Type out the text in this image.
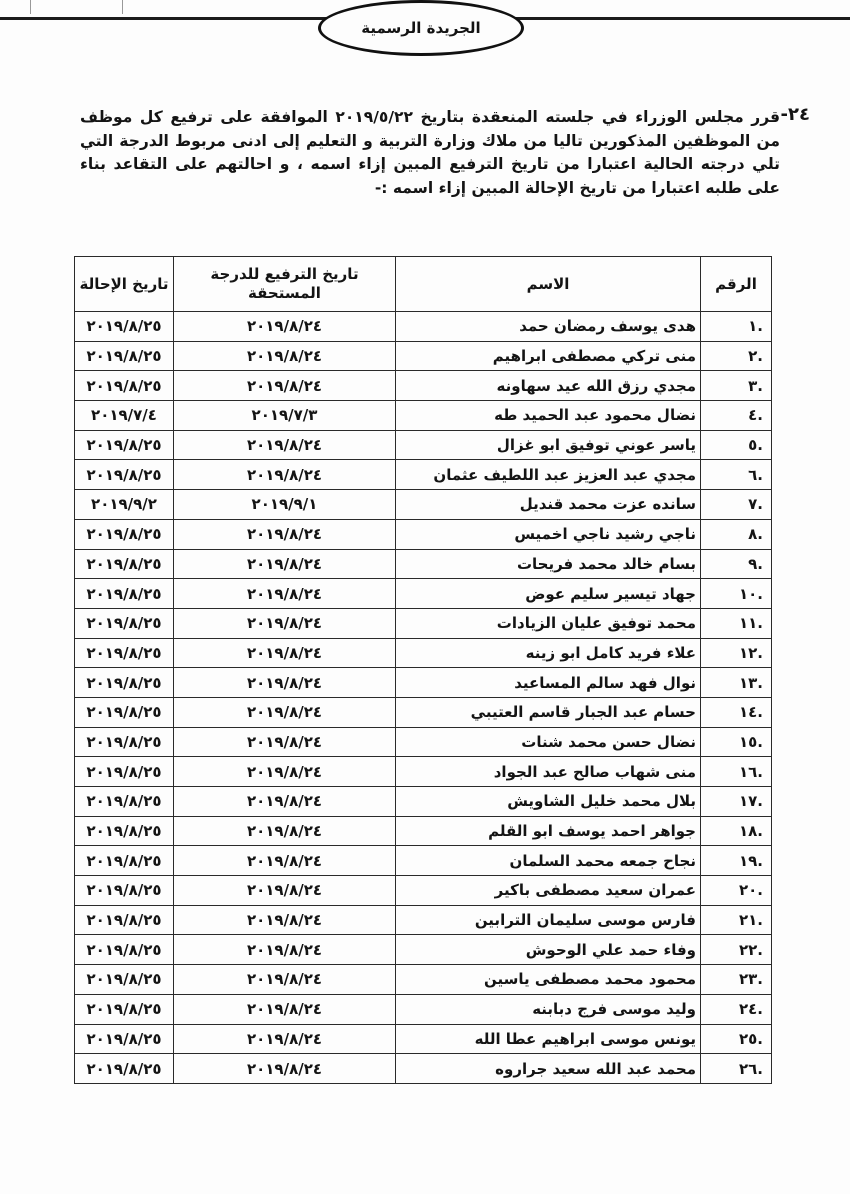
الجريدة الرسمية
٢٤-

قرر مجلس الوزراء في جلسته المنعقدة بتاريخ ٢٠١٩/٥/٢٢ الموافقة على ترفيع كل موظف من الموظفين المذكورين تاليا من ملاك وزارة التربية و التعليم إلى ادنى مربوط الدرجة التي تلي درجته الحالية اعتبارا من تاريخ الترفيع المبين إزاء اسمه ، و احالتهم على التقاعد بناء على طلبه اعتبارا من تاريخ الإحالة المبين إزاء اسمه :-

الرقم	الاسم	تاريخ الترفيع للدرجة المستحقة	تاريخ الإحالة
.١	هدى يوسف رمضان حمد	٢٠١٩/٨/٢٤	٢٠١٩/٨/٢٥
.٢	منى تركي مصطفى ابراهيم	٢٠١٩/٨/٢٤	٢٠١٩/٨/٢٥
.٣	مجدي رزق الله عيد سهاونه	٢٠١٩/٨/٢٤	٢٠١٩/٨/٢٥
.٤	نضال محمود عبد الحميد طه	٢٠١٩/٧/٣	٢٠١٩/٧/٤
.٥	ياسر عوني توفيق ابو غزال	٢٠١٩/٨/٢٤	٢٠١٩/٨/٢٥
.٦	مجدي عبد العزيز عبد اللطيف عثمان	٢٠١٩/٨/٢٤	٢٠١٩/٨/٢٥
.٧	سانده عزت محمد قنديل	٢٠١٩/٩/١	٢٠١٩/٩/٢
.٨	ناجي رشيد ناجي اخميس	٢٠١٩/٨/٢٤	٢٠١٩/٨/٢٥
.٩	بسام خالد محمد فريحات	٢٠١٩/٨/٢٤	٢٠١٩/٨/٢٥
.١٠	جهاد تيسير سليم عوض	٢٠١٩/٨/٢٤	٢٠١٩/٨/٢٥
.١١	محمد توفيق عليان الزيادات	٢٠١٩/٨/٢٤	٢٠١٩/٨/٢٥
.١٢	علاء فريد كامل ابو زينه	٢٠١٩/٨/٢٤	٢٠١٩/٨/٢٥
.١٣	نوال فهد سالم المساعيد	٢٠١٩/٨/٢٤	٢٠١٩/٨/٢٥
.١٤	حسام عبد الجبار قاسم العتيبي	٢٠١٩/٨/٢٤	٢٠١٩/٨/٢٥
.١٥	نضال حسن محمد شنات	٢٠١٩/٨/٢٤	٢٠١٩/٨/٢٥
.١٦	منى شهاب صالح عبد الجواد	٢٠١٩/٨/٢٤	٢٠١٩/٨/٢٥
.١٧	بلال محمد خليل الشاويش	٢٠١٩/٨/٢٤	٢٠١٩/٨/٢٥
.١٨	جواهر احمد يوسف ابو القلم	٢٠١٩/٨/٢٤	٢٠١٩/٨/٢٥
.١٩	نجاح جمعه محمد السلمان	٢٠١٩/٨/٢٤	٢٠١٩/٨/٢٥
.٢٠	عمران سعيد مصطفى باكير	٢٠١٩/٨/٢٤	٢٠١٩/٨/٢٥
.٢١	فارس موسى سليمان الترابين	٢٠١٩/٨/٢٤	٢٠١٩/٨/٢٥
.٢٢	وفاء حمد علي الوحوش	٢٠١٩/٨/٢٤	٢٠١٩/٨/٢٥
.٢٣	محمود محمد مصطفى ياسين	٢٠١٩/٨/٢٤	٢٠١٩/٨/٢٥
.٢٤	وليد موسى فرج دبابنه	٢٠١٩/٨/٢٤	٢٠١٩/٨/٢٥
.٢٥	يونس موسى ابراهيم عطا الله	٢٠١٩/٨/٢٤	٢٠١٩/٨/٢٥
.٢٦	محمد عبد الله سعيد جراروه	٢٠١٩/٨/٢٤	٢٠١٩/٨/٢٥
